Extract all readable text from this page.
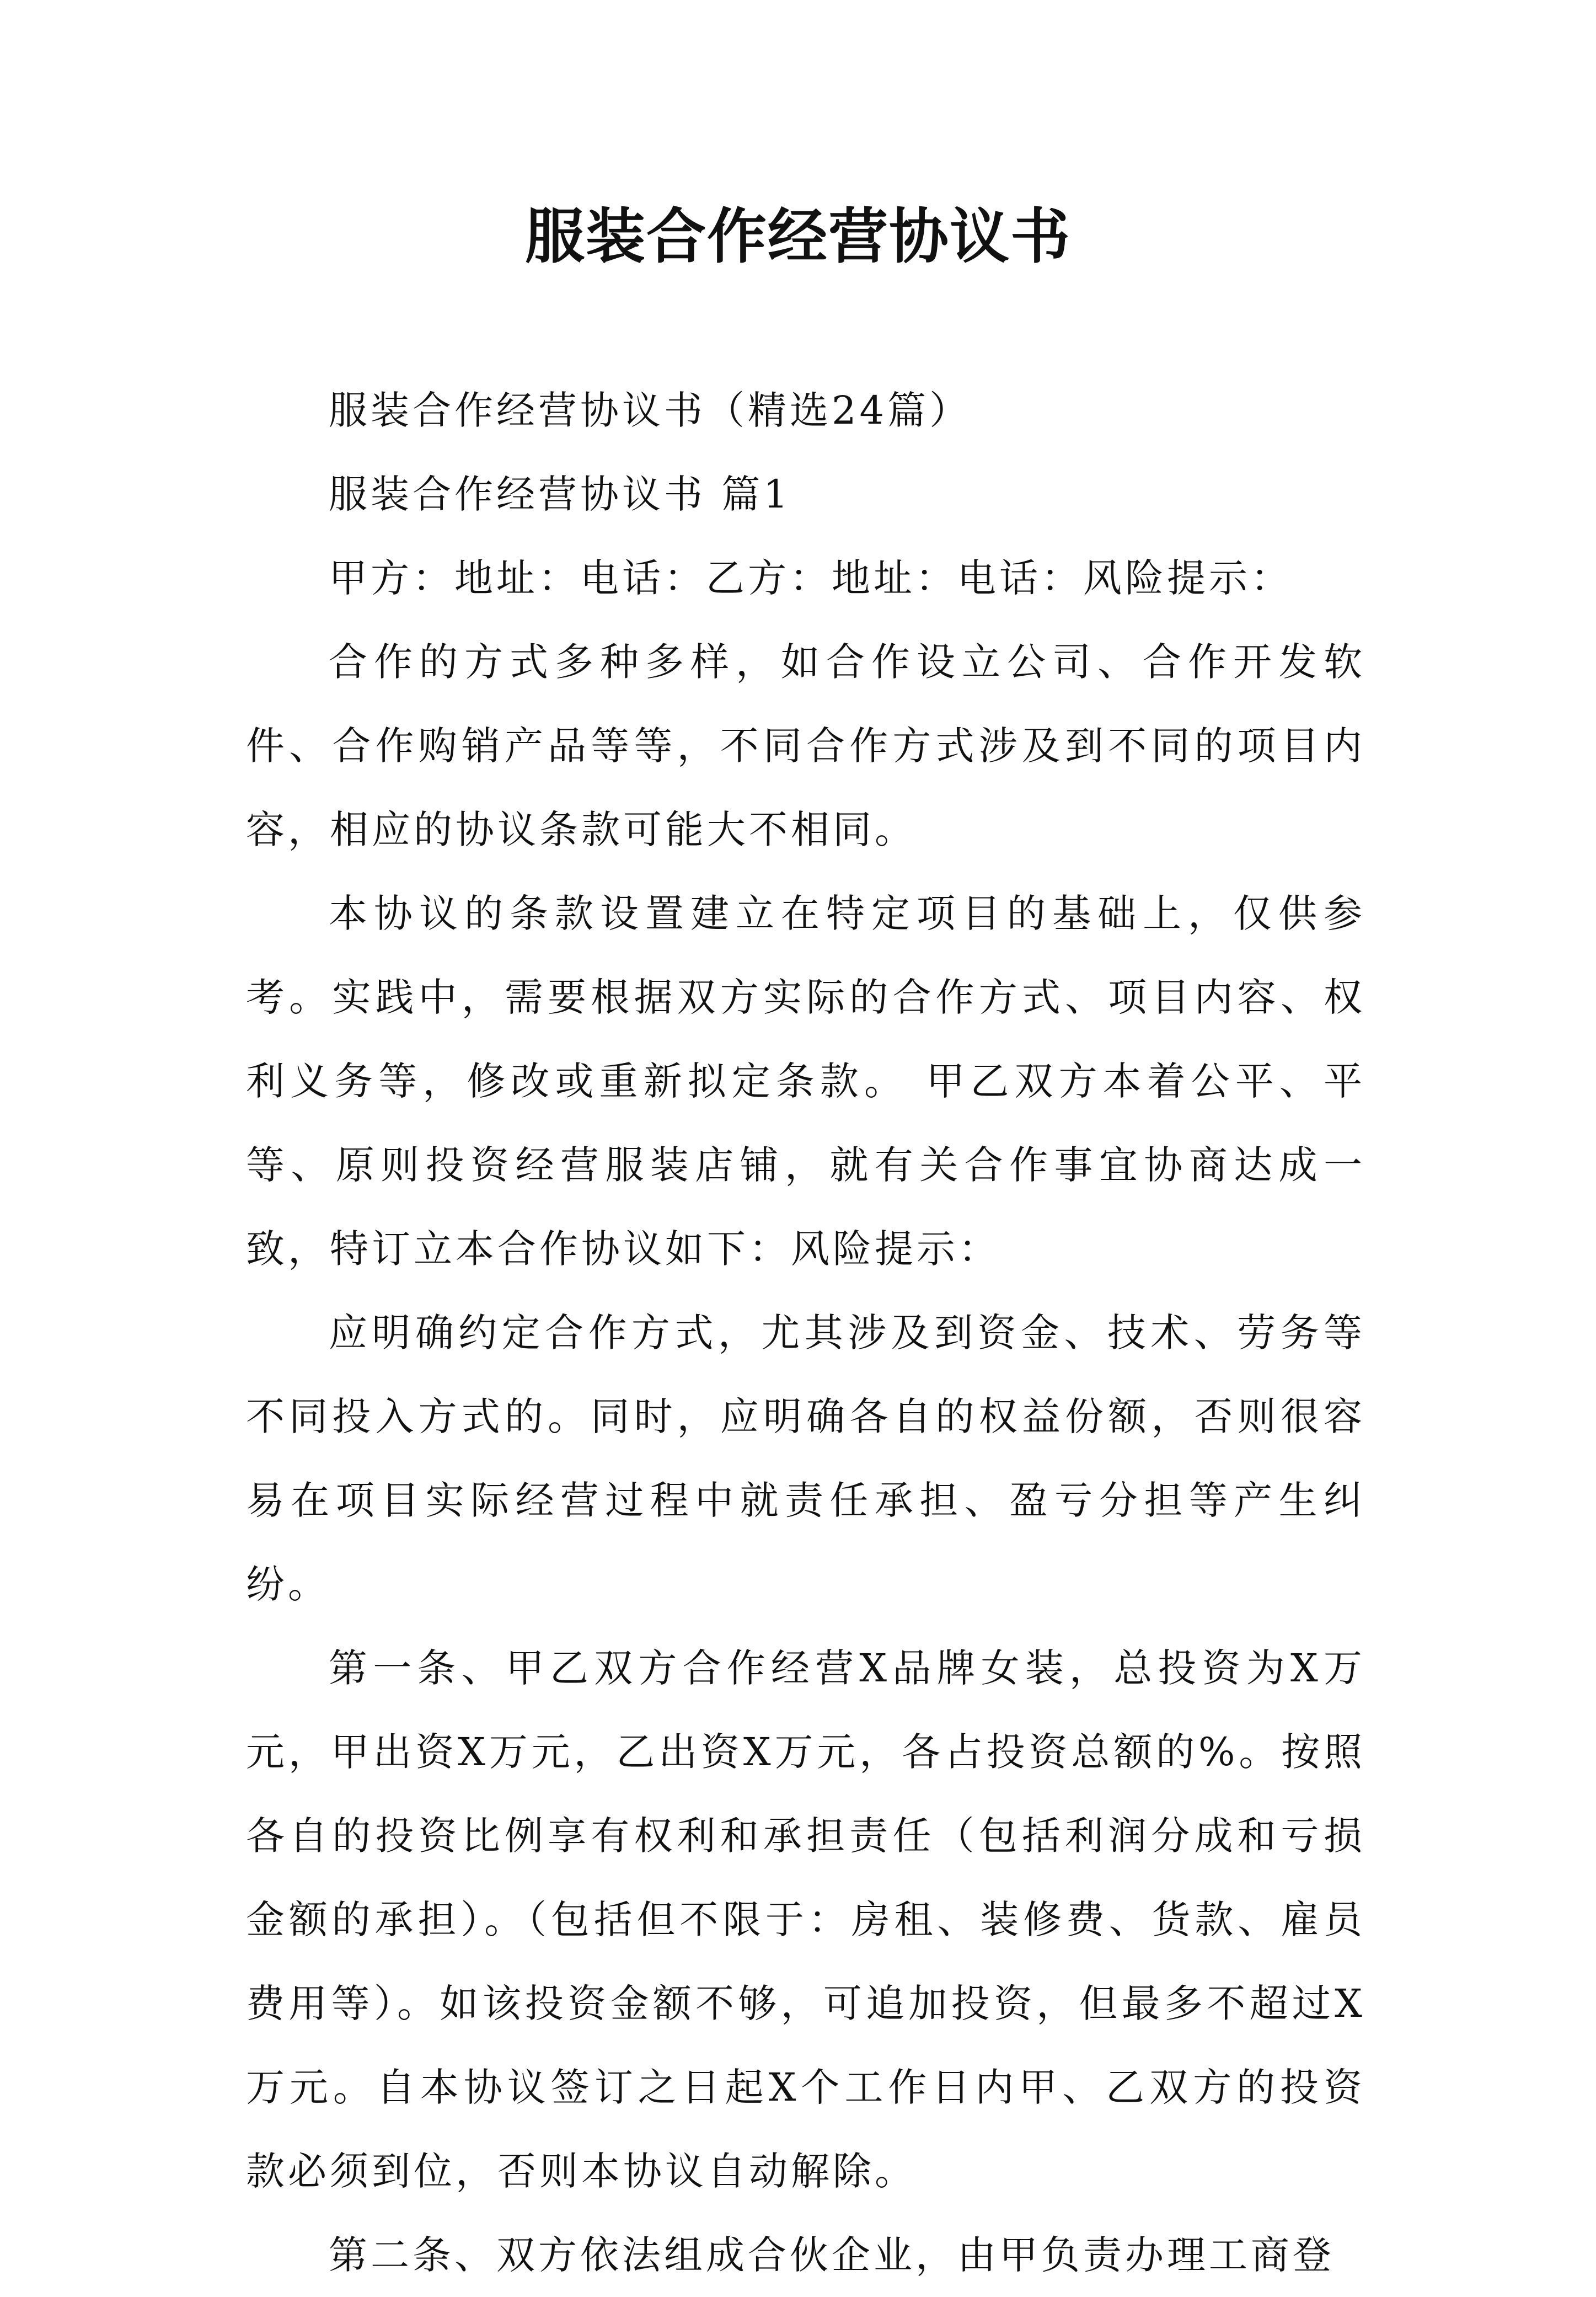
服装合作经营协议书

服装合作经营协议书（精选24篇）

服装合作经营协议书 篇1

甲方：地址：电话：乙方：地址：电话：风险提示：

合作的方式多种多样，如合作设立公司、合作开发软件、合作购销产品等等，不同合作方式涉及到不同的项目内容，相应的协议条款可能大不相同。

本协议的条款设置建立在特定项目的基础上，仅供参考。实践中，需要根据双方实际的合作方式、项目内容、权利义务等，修改或重新拟定条款。 甲乙双方本着公平、平等、原则投资经营服装店铺，就有关合作事宜协商达成一致，特订立本合作协议如下：风险提示：

应明确约定合作方式，尤其涉及到资金、技术、劳务等不同投入方式的。同时，应明确各自的权益份额，否则很容易在项目实际经营过程中就责任承担、盈亏分担等产生纠纷。

第一条、甲乙双方合作经营X品牌女装，总投资为X万元，甲出资X万元，乙出资X万元，各占投资总额的%。按照各自的投资比例享有权利和承担责任（包括利润分成和亏损金额的承担）。（包括但不限于：房租、装修费、货款、雇员费用等）。如该投资金额不够，可追加投资，但最多不超过X万元。自本协议签订之日起X个工作日内甲、乙双方的投资款必须到位，否则本协议自动解除。

第二条、双方依法组成合伙企业，由甲负责办理工商登
